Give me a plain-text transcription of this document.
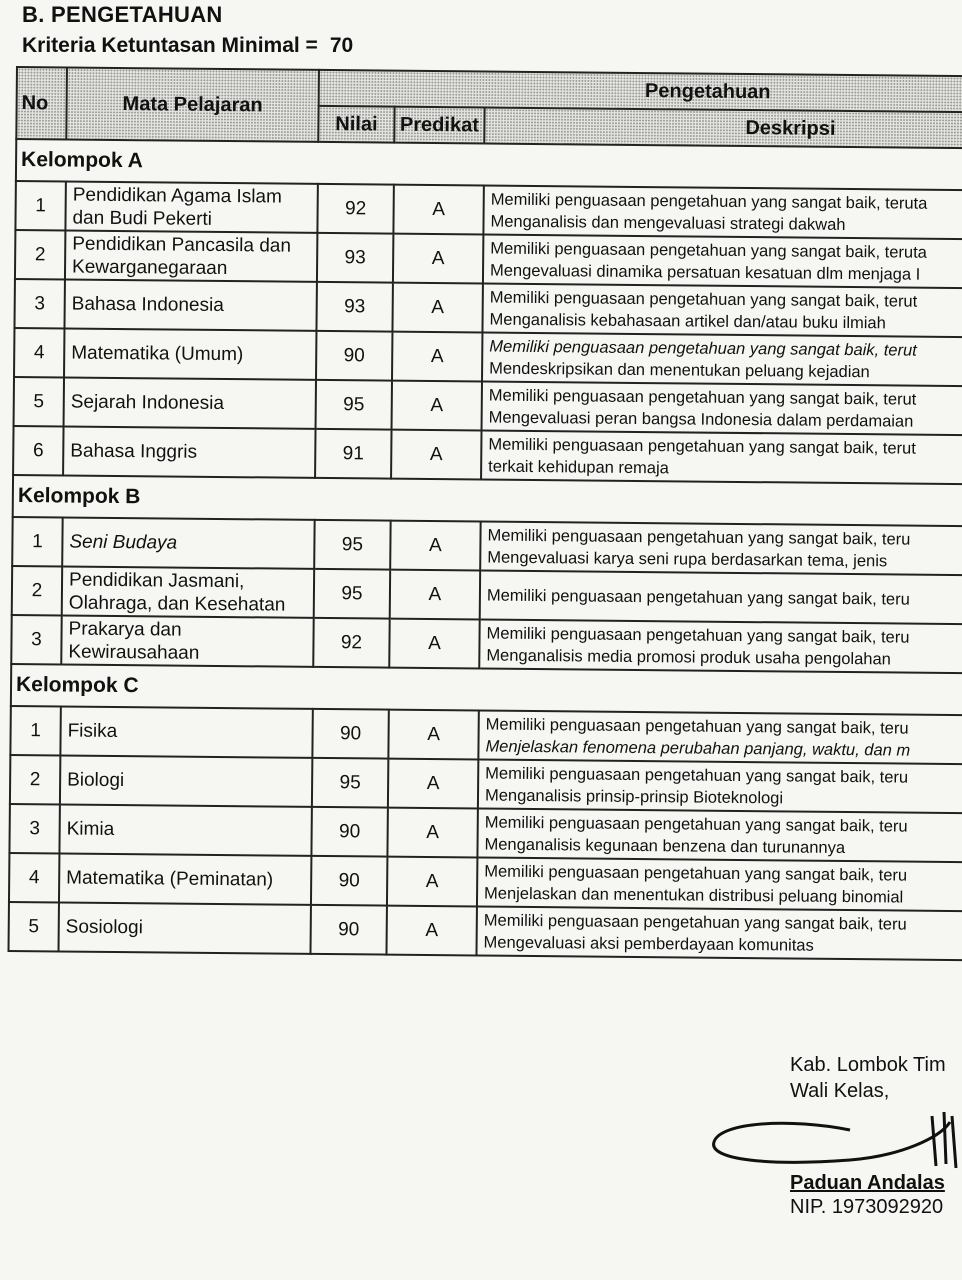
B. PENGETAHUAN
Kriteria Ketuntasan Minimal = 70
No	Mata Pelajaran	Pengetahuan		
		Nilai	Predikat	Deskripsi
Kelompok A				
1	Pendidikan Agama Islam dan Budi Pekerti	92	A	Memiliki penguasaan pengetahuan yang sangat baik, teruta
Menganalisis dan mengevaluasi strategi dakwah

2	Pendidikan Pancasila dan Kewarganegaraan	93	A	Memiliki penguasaan pengetahuan yang sangat baik, teruta
Mengevaluasi dinamika persatuan kesatuan dlm menjaga I

3	Bahasa Indonesia	93	A	Memiliki penguasaan pengetahuan yang sangat baik, terut
Menganalisis kebahasaan artikel dan/atau buku ilmiah

4	Matematika (Umum)	90	A	Memiliki penguasaan pengetahuan yang sangat baik, terut
Mendeskripsikan dan menentukan peluang kejadian

5	Sejarah Indonesia	95	A	Memiliki penguasaan pengetahuan yang sangat baik, terut
Mengevaluasi peran bangsa Indonesia dalam perdamaian

6	Bahasa Inggris	91	A	Memiliki penguasaan pengetahuan yang sangat baik, terut
terkait kehidupan remaja

Kelompok B				
1	Seni Budaya	95	A	Memiliki penguasaan pengetahuan yang sangat baik, teru
Mengevaluasi karya seni rupa berdasarkan tema, jenis

2	Pendidikan Jasmani, Olahraga, dan Kesehatan	95	A	Memiliki penguasaan pengetahuan yang sangat baik, teru

3	Prakarya dan Kewirausahaan	92	A	Memiliki penguasaan pengetahuan yang sangat baik, teru
Menganalisis media promosi produk usaha pengolahan

Kelompok C				
1	Fisika	90	A	Memiliki penguasaan pengetahuan yang sangat baik, teru
Menjelaskan fenomena perubahan panjang, waktu, dan m

2	Biologi	95	A	Memiliki penguasaan pengetahuan yang sangat baik, teru
Menganalisis prinsip-prinsip Bioteknologi

3	Kimia	90	A	Memiliki penguasaan pengetahuan yang sangat baik, teru
Menganalisis kegunaan benzena dan turunannya

4	Matematika (Peminatan)	90	A	Memiliki penguasaan pengetahuan yang sangat baik, teru
Menjelaskan dan menentukan distribusi peluang binomial

5	Sosiologi	90	A	Memiliki penguasaan pengetahuan yang sangat baik, teru
Mengevaluasi aksi pemberdayaan komunitas
Kab. Lombok Tim
Wali Kelas,
Paduan Andalas
NIP. 1973092920
